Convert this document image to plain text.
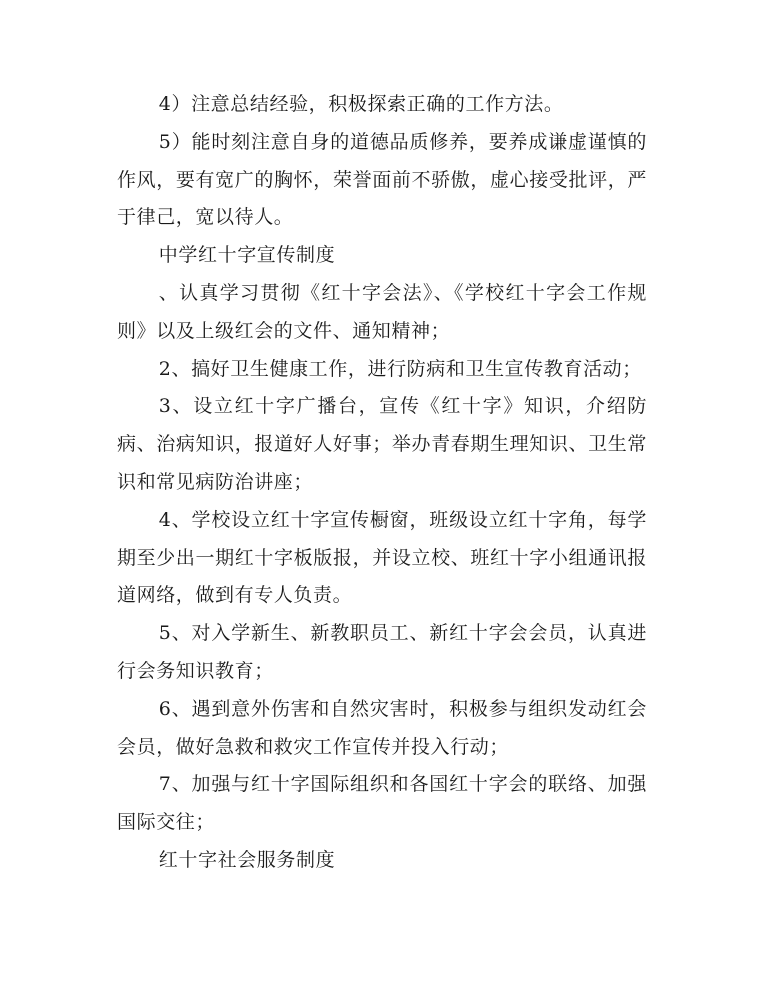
4）注意总结经验，积极探索正确的工作方法。

5）能时刻注意自身的道德品质修养，要养成谦虚谨慎的作风，要有宽广的胸怀，荣誉面前不骄傲，虚心接受批评，严于律己，宽以待人。

中学红十字宣传制度

、认真学习贯彻《红十字会法》、《学校红十字会工作规则》以及上级红会的文件、通知精神；

2、搞好卫生健康工作，进行防病和卫生宣传教育活动；

3、设立红十字广播台，宣传《红十字》知识，介绍防病、治病知识，报道好人好事；举办青春期生理知识、卫生常识和常见病防治讲座；

4、学校设立红十字宣传橱窗，班级设立红十字角，每学期至少出一期红十字板版报，并设立校、班红十字小组通讯报道网络，做到有专人负责。

5、对入学新生、新教职员工、新红十字会会员，认真进行会务知识教育；

6、遇到意外伤害和自然灾害时，积极参与组织发动红会会员，做好急救和救灾工作宣传并投入行动；

7、加强与红十字国际组织和各国红十字会的联络、加强国际交往；

红十字社会服务制度
